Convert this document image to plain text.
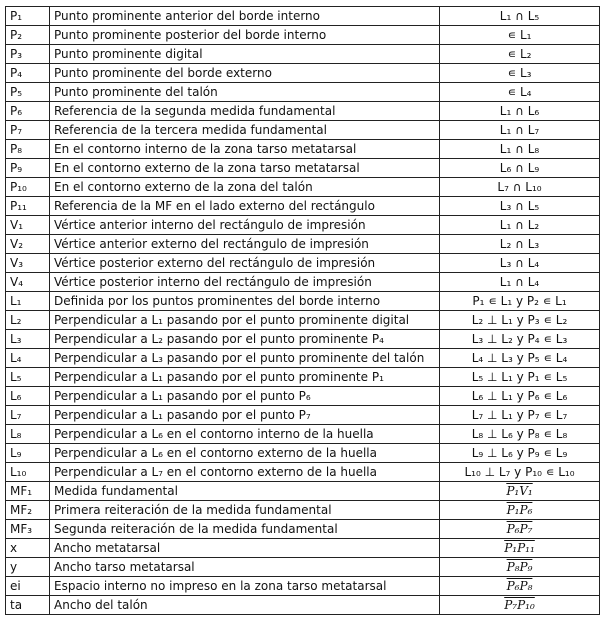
P₁	Punto prominente anterior del borde interno	L₁ ∩ L₅
P₂	Punto prominente posterior del borde interno	∊ L₁
P₃	Punto prominente digital	∊ L₂
P₄	Punto prominente del borde externo	∊ L₃
P₅	Punto prominente del talón	∊ L₄
P₆	Referencia de la segunda medida fundamental	L₁ ∩ L₆
P₇	Referencia de la tercera medida fundamental	L₁ ∩ L₇
P₈	En el contorno interno de la zona tarso metatarsal	L₁ ∩ L₈
P₉	En el contorno externo de la zona tarso metatarsal	L₆ ∩ L₉
P₁₀	En el contorno externo de la zona del talón	L₇ ∩ L₁₀
P₁₁	Referencia de la MF en el lado externo del rectángulo	L₃ ∩ L₅
V₁	Vértice anterior interno del rectángulo de impresión	L₁ ∩ L₂
V₂	Vértice anterior externo del rectángulo de impresión	L₂ ∩ L₃
V₃	Vértice posterior externo del rectángulo de impresión	L₃ ∩ L₄
V₄	Vértice posterior interno del rectángulo de impresión	L₁ ∩ L₄
L₁	Definida por los puntos prominentes del borde interno	P₁ ∊ L₁ y P₂ ∊ L₁
L₂	Perpendicular a L₁ pasando por el punto prominente digital	L₂ ⊥ L₁ y P₃ ∊ L₂
L₃	Perpendicular a L₂ pasando por el punto prominente P₄	L₃ ⊥ L₂ y P₄ ∊ L₃
L₄	Perpendicular a L₃ pasando por el punto prominente del talón	L₄ ⊥ L₃ y P₅ ∊ L₄
L₅	Perpendicular a L₁ pasando por el punto prominente P₁	L₅ ⊥ L₁ y P₁ ∊ L₅
L₆	Perpendicular a L₁ pasando por el punto P₆	L₆ ⊥ L₁ y P₆ ∊ L₆
L₇	Perpendicular a L₁ pasando por el punto P₇	L₇ ⊥ L₁ y P₇ ∊ L₇
L₈	Perpendicular a L₆ en el contorno interno de la huella	L₈ ⊥ L₆ y P₈ ∊ L₈
L₉	Perpendicular a L₆ en el contorno externo de la huella	L₉ ⊥ L₆ y P₉ ∊ L₉
L₁₀	Perpendicular a L₇ en el contorno externo de la huella	L₁₀ ⊥ L₇ y P₁₀ ∊ L₁₀
MF₁	Medida fundamental	P₁V₁
MF₂	Primera reiteración de la medida fundamental	P₁P₆
MF₃	Segunda reiteración de la medida fundamental	P₆P₇
x	Ancho metatarsal	P₁P₁₁
y	Ancho tarso metatarsal	P₈P₉
ei	Espacio interno no impreso en la zona tarso metatarsal	P₆P₈
ta	Ancho del talón	P₇P₁₀
